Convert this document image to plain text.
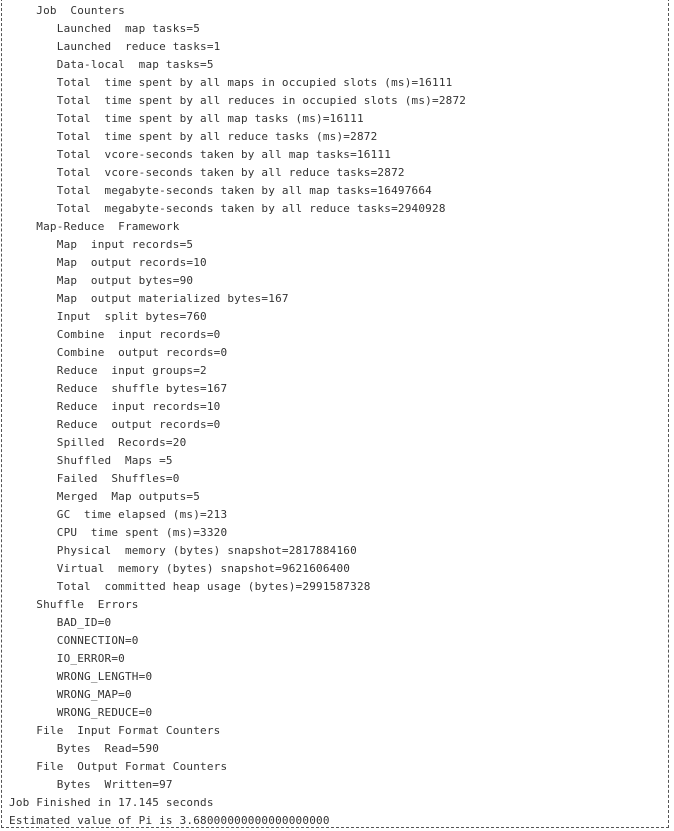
Job  Counters
Launched  map tasks=5
Launched  reduce tasks=1
Data-local  map tasks=5
Total  time spent by all maps in occupied slots (ms)=16111
Total  time spent by all reduces in occupied slots (ms)=2872
Total  time spent by all map tasks (ms)=16111
Total  time spent by all reduce tasks (ms)=2872
Total  vcore-seconds taken by all map tasks=16111
Total  vcore-seconds taken by all reduce tasks=2872
Total  megabyte-seconds taken by all map tasks=16497664
Total  megabyte-seconds taken by all reduce tasks=2940928
Map-Reduce  Framework
Map  input records=5
Map  output records=10
Map  output bytes=90
Map  output materialized bytes=167
Input  split bytes=760
Combine  input records=0
Combine  output records=0
Reduce  input groups=2
Reduce  shuffle bytes=167
Reduce  input records=10
Reduce  output records=0
Spilled  Records=20
Shuffled  Maps =5
Failed  Shuffles=0
Merged  Map outputs=5
GC  time elapsed (ms)=213
CPU  time spent (ms)=3320
Physical  memory (bytes) snapshot=2817884160
Virtual  memory (bytes) snapshot=9621606400
Total  committed heap usage (bytes)=2991587328
Shuffle  Errors
BAD_ID=0
CONNECTION=0
IO_ERROR=0
WRONG_LENGTH=0
WRONG_MAP=0
WRONG_REDUCE=0
File  Input Format Counters
Bytes  Read=590
File  Output Format Counters
Bytes  Written=97
Job Finished in 17.145 seconds
Estimated value of Pi is 3.68000000000000000000
